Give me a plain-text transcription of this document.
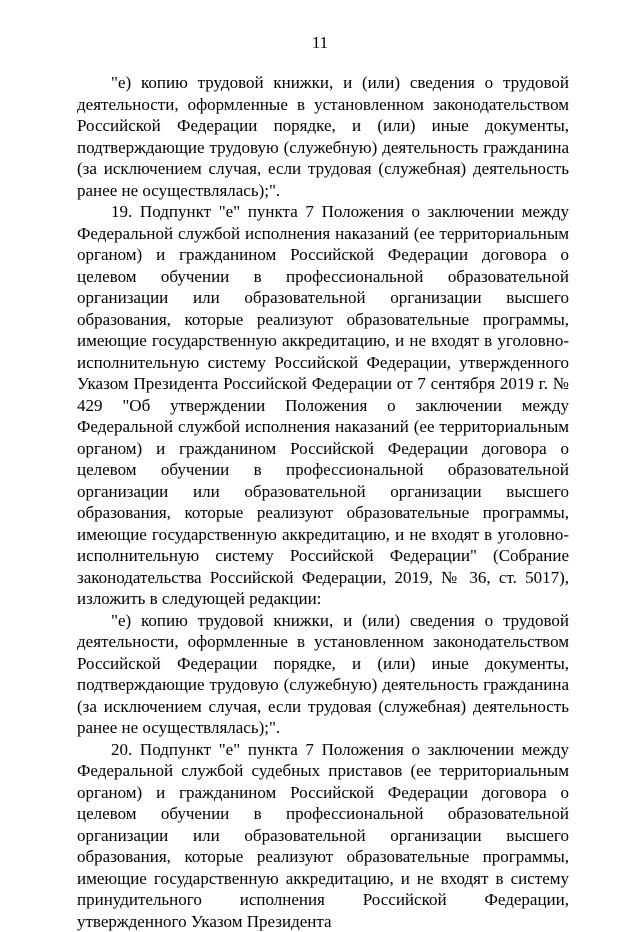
11

"е) копию трудовой книжки, и (или) сведения о трудовой деятельности, оформленные в установленном законодательством Российской Федерации порядке, и (или) иные документы, подтверждающие трудовую (служебную) деятельность гражданина (за исключением случая, если трудовая (служебная) деятельность ранее не осуществлялась);".

19. Подпункт "е" пункта 7 Положения о заключении между Федеральной службой исполнения наказаний (ее территориальным органом) и гражданином Российской Федерации договора о целевом обучении в профессиональной образовательной организации или образовательной организации высшего образования, которые реализуют образовательные программы, имеющие государственную аккредитацию, и не входят в уголовно-исполнительную систему Российской Федерации, утвержденного Указом Президента Российской Федерации от 7 сентября 2019 г. № 429 "Об утверждении Положения о заключении между Федеральной службой исполнения наказаний (ее территориальным органом) и гражданином Российской Федерации договора о целевом обучении в профессиональной образовательной организации или образовательной организации высшего образования, которые реализуют образовательные программы, имеющие государственную аккредитацию, и не входят в уголовно-исполнительную систему Российской Федерации" (Собрание законодательства Российской Федерации, 2019, № 36, ст. 5017), изложить в следующей редакции:

"е) копию трудовой книжки, и (или) сведения о трудовой деятельности, оформленные в установленном законодательством Российской Федерации порядке, и (или) иные документы, подтверждающие трудовую (служебную) деятельность гражданина (за исключением случая, если трудовая (служебная) деятельность ранее не осуществлялась);".

20. Подпункт "е" пункта 7 Положения о заключении между Федеральной службой судебных приставов (ее территориальным органом) и гражданином Российской Федерации договора о целевом обучении в профессиональной образовательной организации или образовательной организации высшего образования, которые реализуют образовательные программы, имеющие государственную аккредитацию, и не входят в систему принудительного исполнения Российской Федерации, утвержденного Указом Президента
